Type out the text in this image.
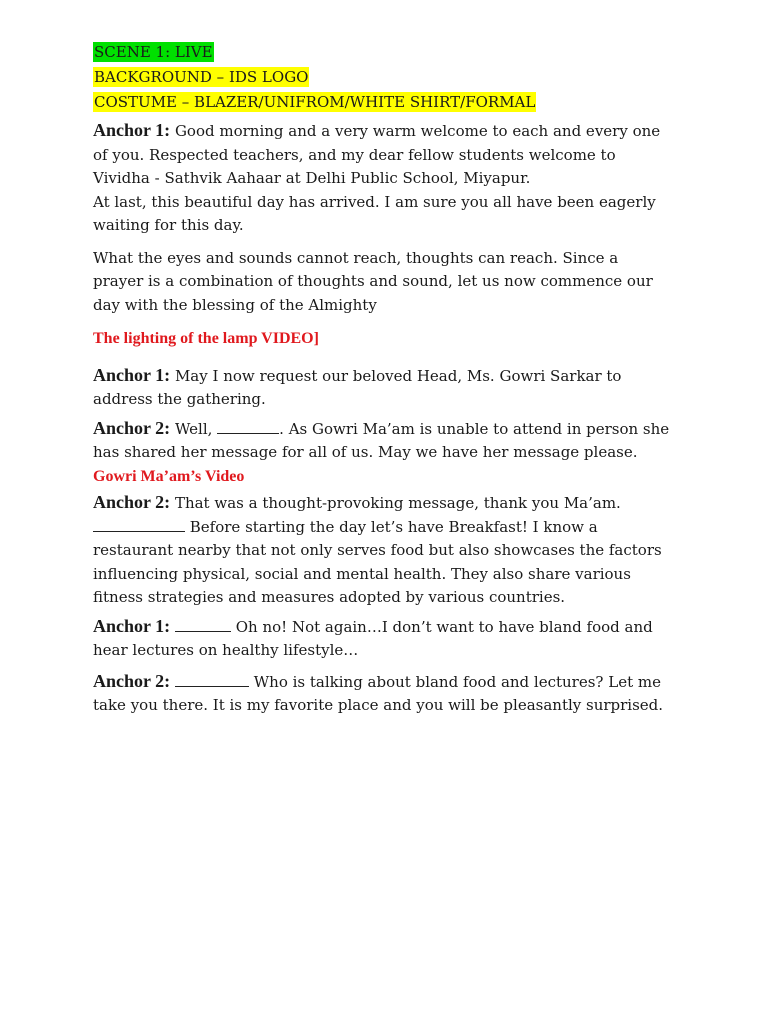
SCENE 1: LIVE
BACKGROUND – IDS LOGO
COSTUME – BLAZER/UNIFROM/WHITE SHIRT/FORMAL

Anchor 1: Good morning and a very warm welcome to each and every one of you. Respected teachers, and my dear fellow students welcome to Vividha - Sathvik Aahaar at Delhi Public School, Miyapur.

At last, this beautiful day has arrived. I am sure you all have been eagerly waiting for this day.

What the eyes and sounds cannot reach, thoughts can reach. Since a prayer is a combination of thoughts and sound, let us now commence our day with the blessing of the Almighty

The lighting of the lamp VIDEO]

Anchor 1: May I now request our beloved Head, Ms. Gowri Sarkar to address the gathering.

Anchor 2: Well,	. As Gowri Ma’am is unable to attend in person she has shared her message for all of us. May we have her message please.

Gowri Ma’am’s Video

Anchor 2: That was a thought-provoking message, thank you Ma’am.  Before starting the day let’s have Breakfast! I know a restaurant nearby that not only serves food but also showcases the factors influencing physical, social and mental health. They also share various fitness strategies and measures adopted by various countries.

Anchor 1:	Oh no! Not again…I don’t want to have bland food and hear lectures on healthy lifestyle…

Anchor 2:	Who is talking about bland food and lectures? Let me take you there. It is my favorite place and you will be pleasantly surprised.
